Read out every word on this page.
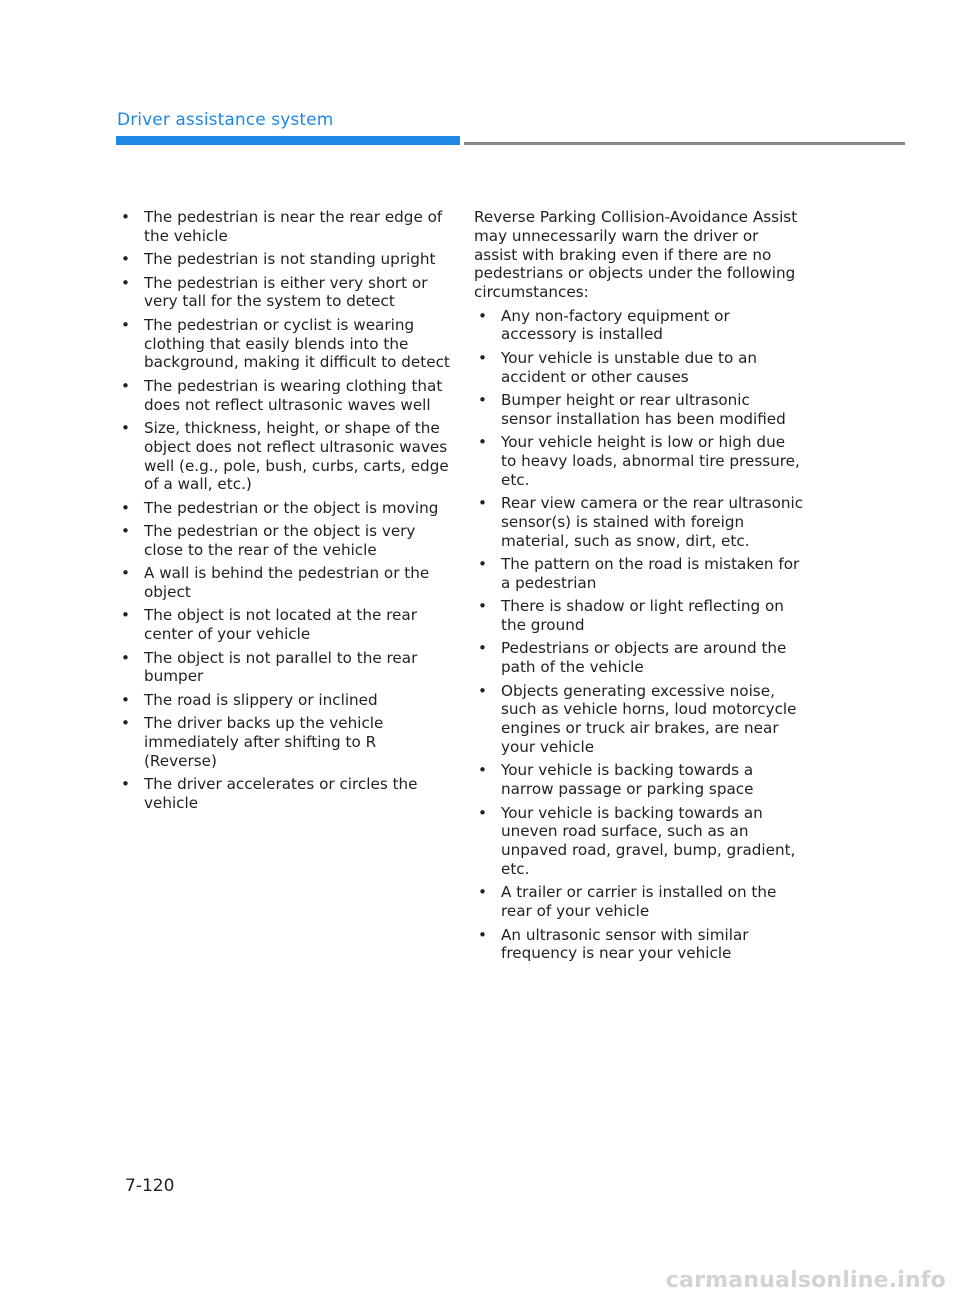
Driver assistance system
• The pedestrian is near the rear edge of the vehicle
• The pedestrian is not standing upright
• The pedestrian is either very short or very tall for the system to detect
• The pedestrian or cyclist is wearing clothing that easily blends into the background, making it difficult to detect
• The pedestrian is wearing clothing that does not reflect ultrasonic waves well
• Size, thickness, height, or shape of the object does not reflect ultrasonic waves well (e.g., pole, bush, curbs, carts, edge of a wall, etc.)
• The pedestrian or the object is moving
• The pedestrian or the object is very close to the rear of the vehicle
• A wall is behind the pedestrian or the object
• The object is not located at the rear center of your vehicle
• The object is not parallel to the rear bumper
• The road is slippery or inclined
• The driver backs up the vehicle immediately after shifting to R (Reverse)
• The driver accelerates or circles the vehicle

Reverse Parking Collision-Avoidance Assist may unnecessarily warn the driver or assist with braking even if there are no pedestrians or objects under the following circumstances:

• Any non-factory equipment or accessory is installed
• Your vehicle is unstable due to an accident or other causes
• Bumper height or rear ultrasonic sensor installation has been modified
• Your vehicle height is low or high due to heavy loads, abnormal tire pressure, etc.
• Rear view camera or the rear ultrasonic sensor(s) is stained with foreign material, such as snow, dirt, etc.
• The pattern on the road is mistaken for a pedestrian
• There is shadow or light reflecting on the ground
• Pedestrians or objects are around the path of the vehicle
• Objects generating excessive noise, such as vehicle horns, loud motorcycle engines or truck air brakes, are near your vehicle
• Your vehicle is backing towards a narrow passage or parking space
• Your vehicle is backing towards an uneven road surface, such as an unpaved road, gravel, bump, gradient, etc.
• A trailer or carrier is installed on the rear of your vehicle
• An ultrasonic sensor with similar frequency is near your vehicle
7-120
carmanualsonline.info
